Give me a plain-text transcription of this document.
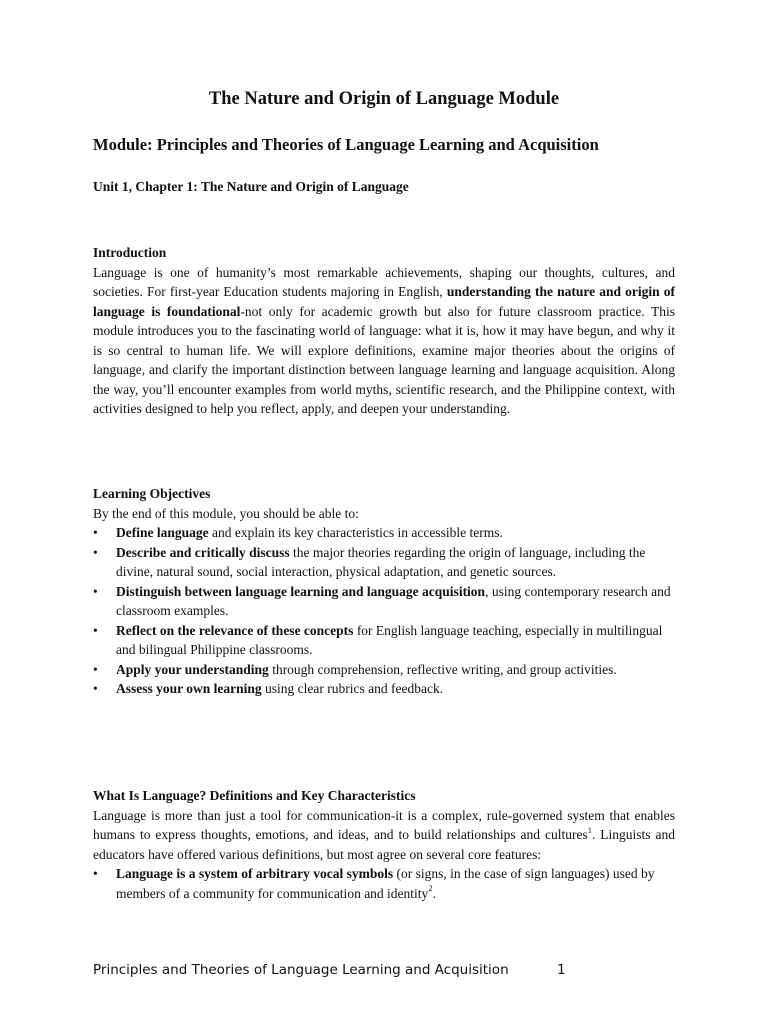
The Nature and Origin of Language Module
Module: Principles and Theories of Language Learning and Acquisition
Unit 1, Chapter 1: The Nature and Origin of Language

Introduction

Language is one of humanity’s most remarkable achievements, shaping our thoughts, cultures, and societies. For first-year Education students majoring in English, understanding the nature and origin of language is foundational-not only for academic growth but also for future classroom practice. This module introduces you to the fascinating world of language: what it is, how it may have begun, and why it is so central to human life. We will explore definitions, examine major theories about the origins of language, and clarify the important distinction between language learning and language acquisition. Along the way, you’ll encounter examples from world myths, scientific research, and the Philippine context, with activities designed to help you reflect, apply, and deepen your understanding.

Learning Objectives

By the end of this module, you should be able to:

• Define language and explain its key characteristics in accessible terms.
• Describe and critically discuss the major theories regarding the origin of language, including the divine, natural sound, social interaction, physical adaptation, and genetic sources.
• Distinguish between language learning and language acquisition, using contemporary research and classroom examples.
• Reflect on the relevance of these concepts for English language teaching, especially in multilingual and bilingual Philippine classrooms.
• Apply your understanding through comprehension, reflective writing, and group activities.
• Assess your own learning using clear rubrics and feedback.

What Is Language? Definitions and Key Characteristics

Language is more than just a tool for communication-it is a complex, rule-governed system that enables humans to express thoughts, emotions, and ideas, and to build relationships and cultures$^1$. Linguists and educators have offered various definitions, but most agree on several core features:

• Language is a system of arbitrary vocal symbols (or signs, in the case of sign languages) used by members of a community for communication and identity$^2$.
Principles and Theories of Language Learning and Acquisition	1
